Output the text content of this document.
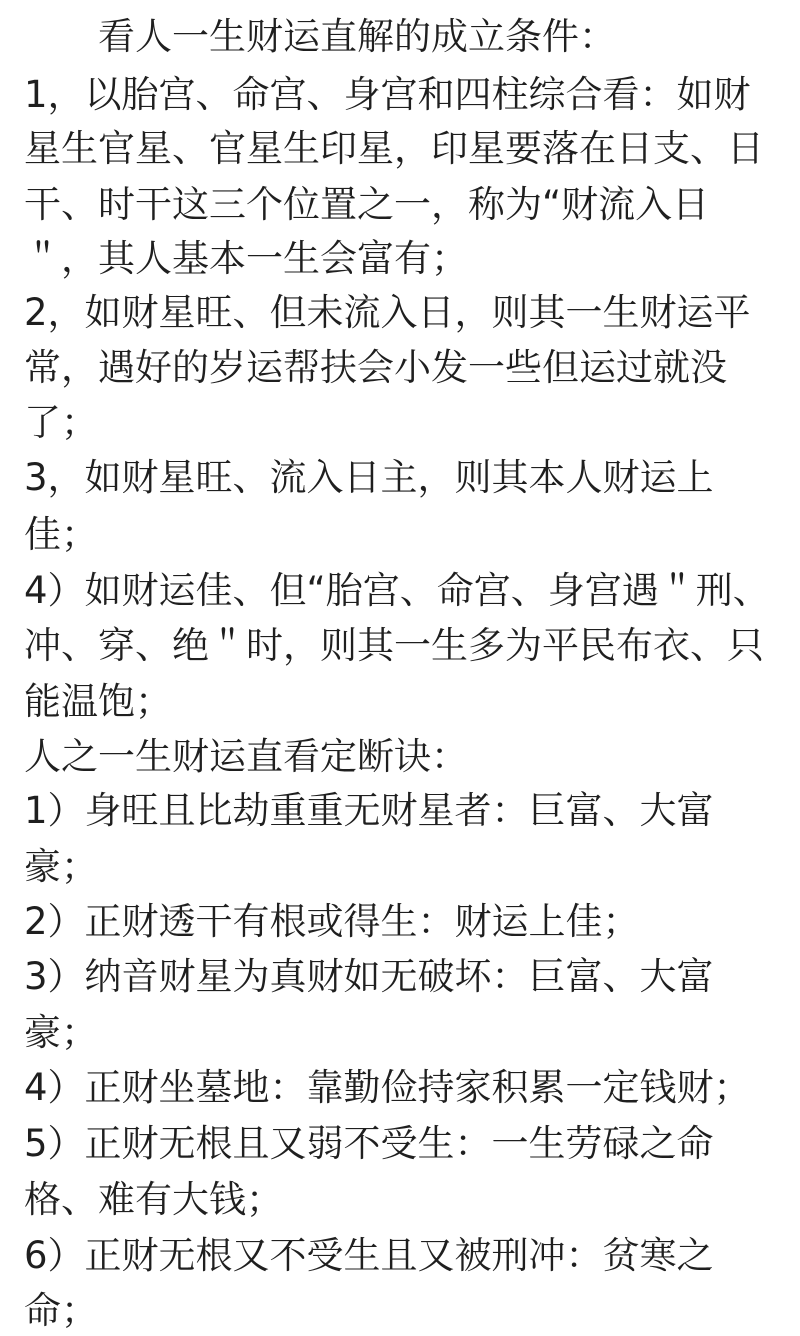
看人一生财运直解的成立条件：
1，以胎宫、命宫、身宫和四柱综合看：如财
星生官星、官星生印星，印星要落在日支、日
干、时干这三个位置之一，称为“财流入日
＂，其人基本一生会富有；
2，如财星旺、但未流入日，则其一生财运平
常，遇好的岁运帮扶会小发一些但运过就没
了；
3，如财星旺、流入日主，则其本人财运上
佳；
4）如财运佳、但“胎宫、命宫、身宫遇＂刑、
冲、穿、绝＂时，则其一生多为平民布衣、只
能温饱；
人之一生财运直看定断诀：
1）身旺且比劫重重无财星者：巨富、大富
豪；
2）正财透干有根或得生：财运上佳；
3）纳音财星为真财如无破坏：巨富、大富
豪；
4）正财坐墓地：靠勤俭持家积累一定钱财；
5）正财无根且又弱不受生：一生劳碌之命
格、难有大钱；
6）正财无根又不受生且又被刑冲：贫寒之
命；
